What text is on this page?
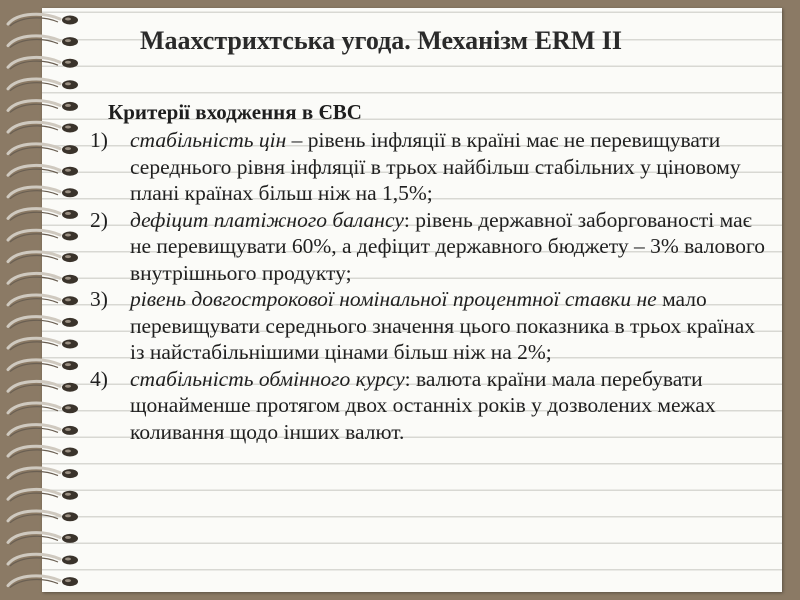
Маахстрихтська угода. Механізм ERM II
Критерії входження в ЄВС
1) стабільність цін – рівень інфляції в країні має не перевищувати середнього рівня інфляції в трьох найбільш стабільних у ціновому плані країнах більш ніж на 1,5%;
2) дефіцит платіжного балансу: рівень державної заборгованості має не перевищувати 60%, а дефіцит державного бюджету – 3% валового внутрішнього продукту;
3) рівень довгострокової номінальної процентної ставки не мало перевищувати середнього значення цього показника в трьох країнах із найстабільнішими цінами більш ніж на 2%;
4) стабільність обмінного курсу: валюта країни мала перебувати щонайменше протягом двох останніх років у дозволених межах коливання щодо інших валют.
